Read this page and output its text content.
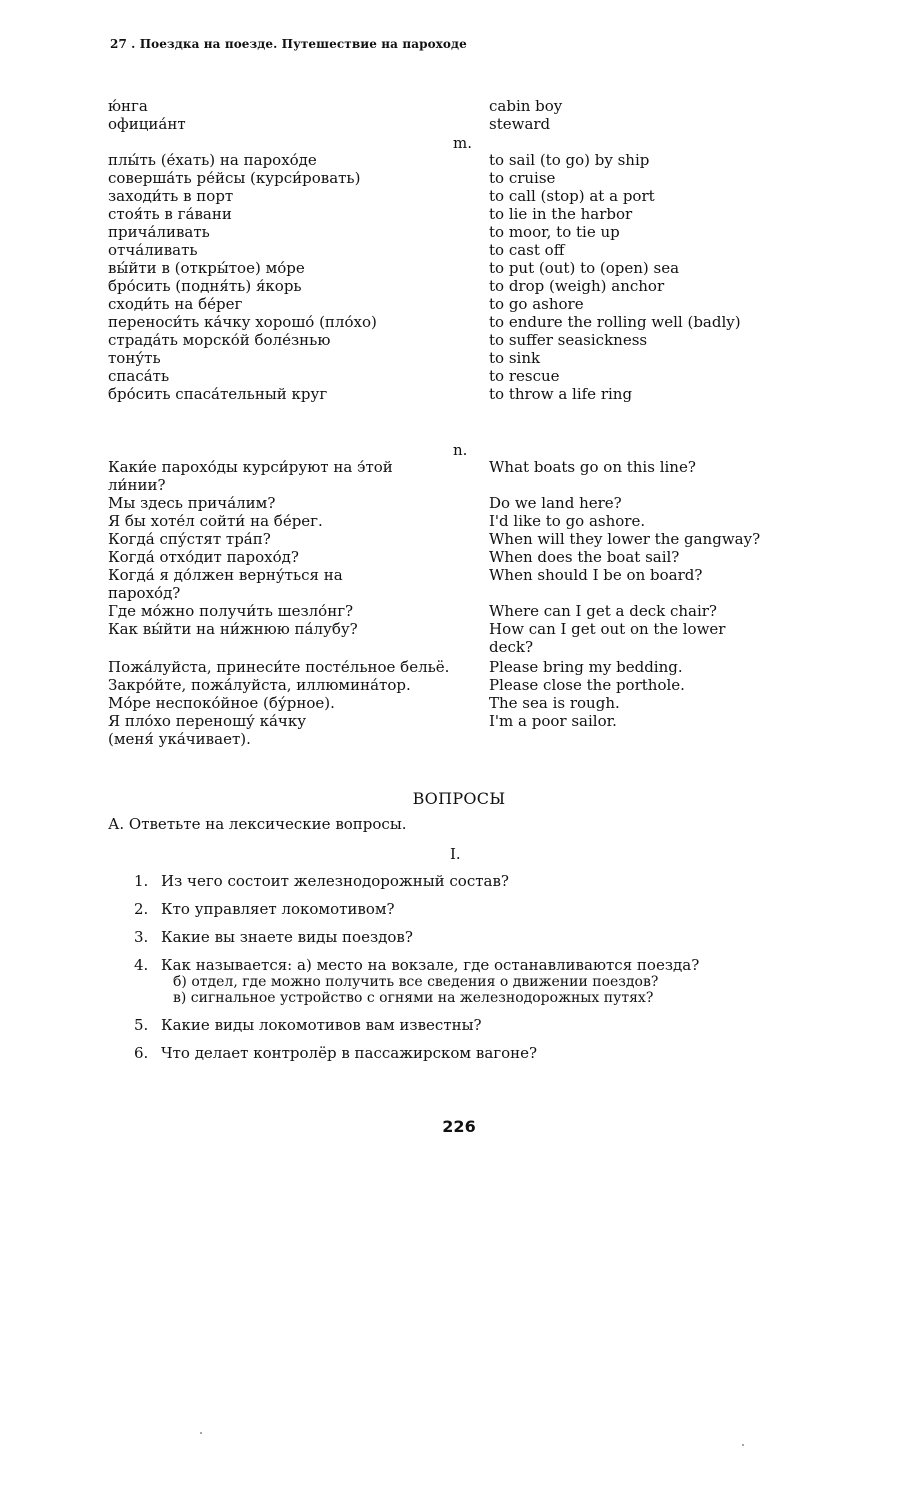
27 . Поездка на поезде. Путешествие на пароходе
ю́нга
официа́нт
cabin boy
steward
m.
плы́ть (е́хать) на парохо́де
соверша́ть ре́йсы (курси́ровать)
заходи́ть в порт
стоя́ть в га́вани
прича́ливать
отча́ливать
вы́йти в (откры́тое) мо́ре
бро́сить (подня́ть) я́корь
сходи́ть на бе́рег
переноси́ть ка́чку хорошо́ (пло́хо)
страда́ть морско́й боле́знью
тону́ть
спаса́ть
бро́сить спаса́тельный круг
to sail (to go) by ship
to cruise
to call (stop) at a port
to lie in the harbor
to moor, to tie up
to cast off
to put (out) to (open) sea
to drop (weigh) anchor
to go ashore
to endure the rolling well (badly)
to suffer seasickness
to sink
to rescue
to throw a life ring
n.
Каки́е парохо́ды курси́руют на э́той
ли́нии?
What boats go on this line?
Мы здесь прича́лим?
Я бы хоте́л сойти́ на бе́рег.
Когда́ спу́стят тра́п?
Когда́ отхо́дит парохо́д?
Когда́ я до́лжен верну́ться на
парохо́д?
Где мо́жно получи́ть шезло́нг?
Как вы́йти на ни́жнюю па́лубу?
Do we land here?
I'd like to go ashore.
When will they lower the gangway?
When does the boat sail?
When should I be on board?
Where can I get a deck chair?
How can I get out on the lower
deck?
Пожа́луйста, принеси́те посте́льное бельё.
Закро́йте, пожа́луйста, иллюмина́тор.
Мо́ре неспоко́йное (бу́рное).
Я пло́хо переношу́ ка́чку
(меня́ ука́чивает).
Please bring my bedding.
Please close the porthole.
The sea is rough.
I'm a poor sailor.
ВОПРОСЫ
А. Ответьте на лексические вопросы.
I.
1. Из чего состоит железнодорожный состав?
2. Кто управляет локомотивом?
3. Какие вы знаете виды поездов?
4. Как называется: а) место на вокзале, где останавливаются поезда?
б) отдел, где можно получить все сведения о движении поездов?
в) сигнальное устройство с огнями на железнодорожных путях?
5. Какие виды локомотивов вам известны?
6. Что делает контролёр в пассажирском вагоне?
226
